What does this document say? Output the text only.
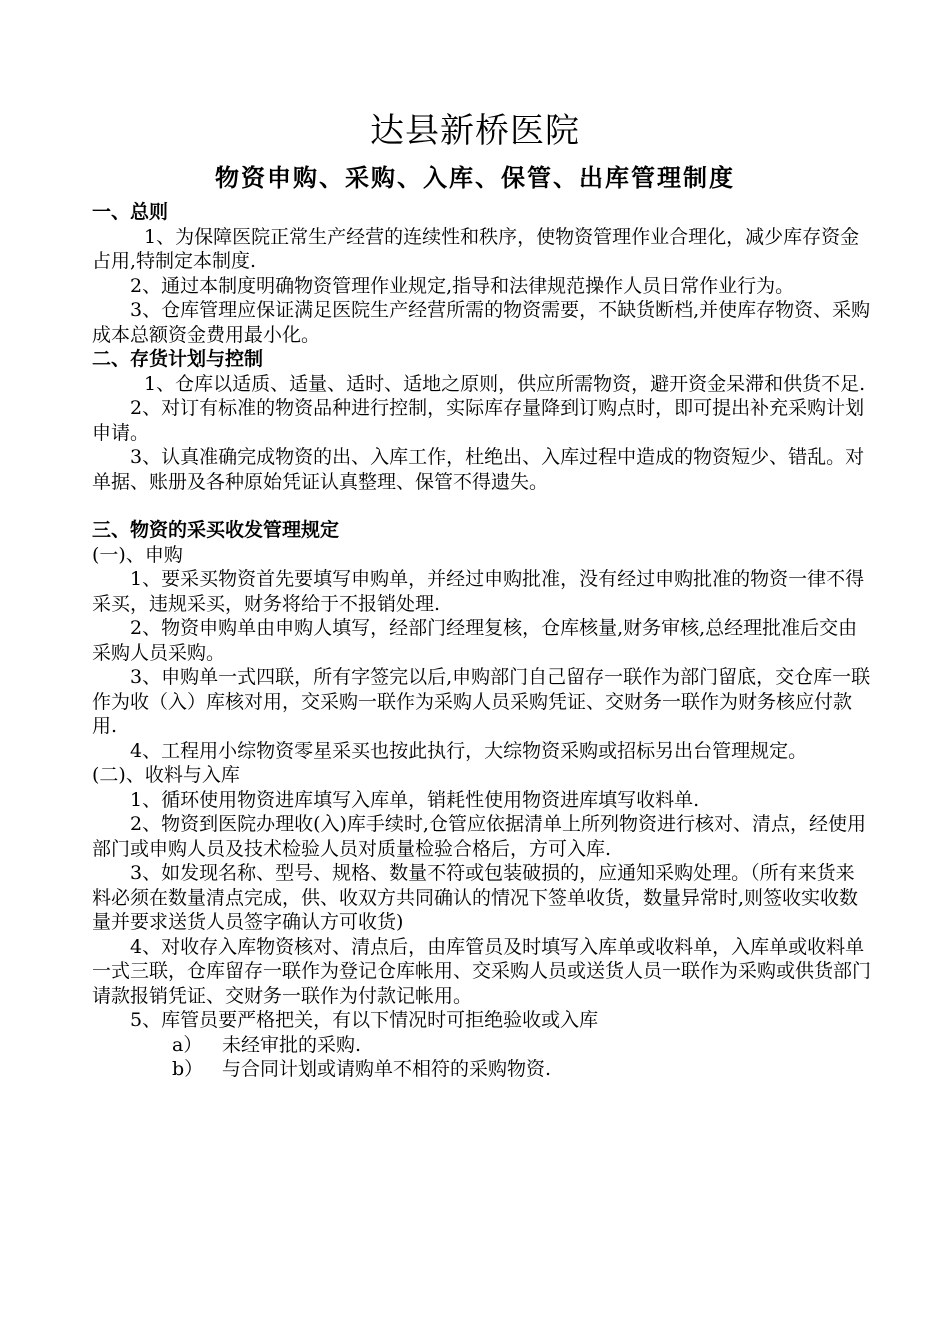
达县新桥医院
物资申购、采购、入库、保管、出库管理制度
一、总则

1、为保障医院正常生产经营的连续性和秩序，使物资管理作业合理化，减少库存资金占用,特制定本制度.

2、通过本制度明确物资管理作业规定,指导和法律规范操作人员日常作业行为。

3、仓库管理应保证满足医院生产经营所需的物资需要，不缺货断档,并使库存物资、采购成本总额资金费用最小化。

二、存货计划与控制

1、仓库以适质、适量、适时、适地之原则，供应所需物资，避开资金呆滞和供货不足.

2、对订有标准的物资品种进行控制，实际库存量降到订购点时，即可提出补充采购计划申请。

3、认真准确完成物资的出、入库工作，杜绝出、入库过程中造成的物资短少、错乱。对单据、账册及各种原始凭证认真整理、保管不得遗失。

三、物资的采买收发管理规定

(一)、申购

1、要采买物资首先要填写申购单，并经过申购批准，没有经过申购批准的物资一律不得采买，违规采买，财务将给于不报销处理.

2、物资申购单由申购人填写，经部门经理复核，仓库核量,财务审核,总经理批准后交由采购人员采购。

3、申购单一式四联，所有字签完以后,申购部门自己留存一联作为部门留底，交仓库一联作为收（入）库核对用，交采购一联作为采购人员采购凭证、交财务一联作为财务核应付款用.

4、工程用小综物资零星采买也按此执行，大综物资采购或招标另出台管理规定。

(二)、收料与入库

1、循环使用物资进库填写入库单，销耗性使用物资进库填写收料单.

2、物资到医院办理收(入)库手续时,仓管应依据清单上所列物资进行核对、清点，经使用部门或申购人员及技术检验人员对质量检验合格后，方可入库.

3、如发现名称、型号、规格、数量不符或包装破损的，应通知采购处理。（所有来货来料必须在数量清点完成，供、收双方共同确认的情况下签单收货，数量异常时,则签收实收数量并要求送货人员签字确认方可收货)

4、对收存入库物资核对、清点后，由库管员及时填写入库单或收料单，入库单或收料单一式三联，仓库留存一联作为登记仓库帐用、交采购人员或送货人员一联作为采购或供货部门请款报销凭证、交财务一联作为付款记帐用。

5、库管员要严格把关，有以下情况时可拒绝验收或入库

a） 未经审批的采购.
b） 与合同计划或请购单不相符的采购物资.
